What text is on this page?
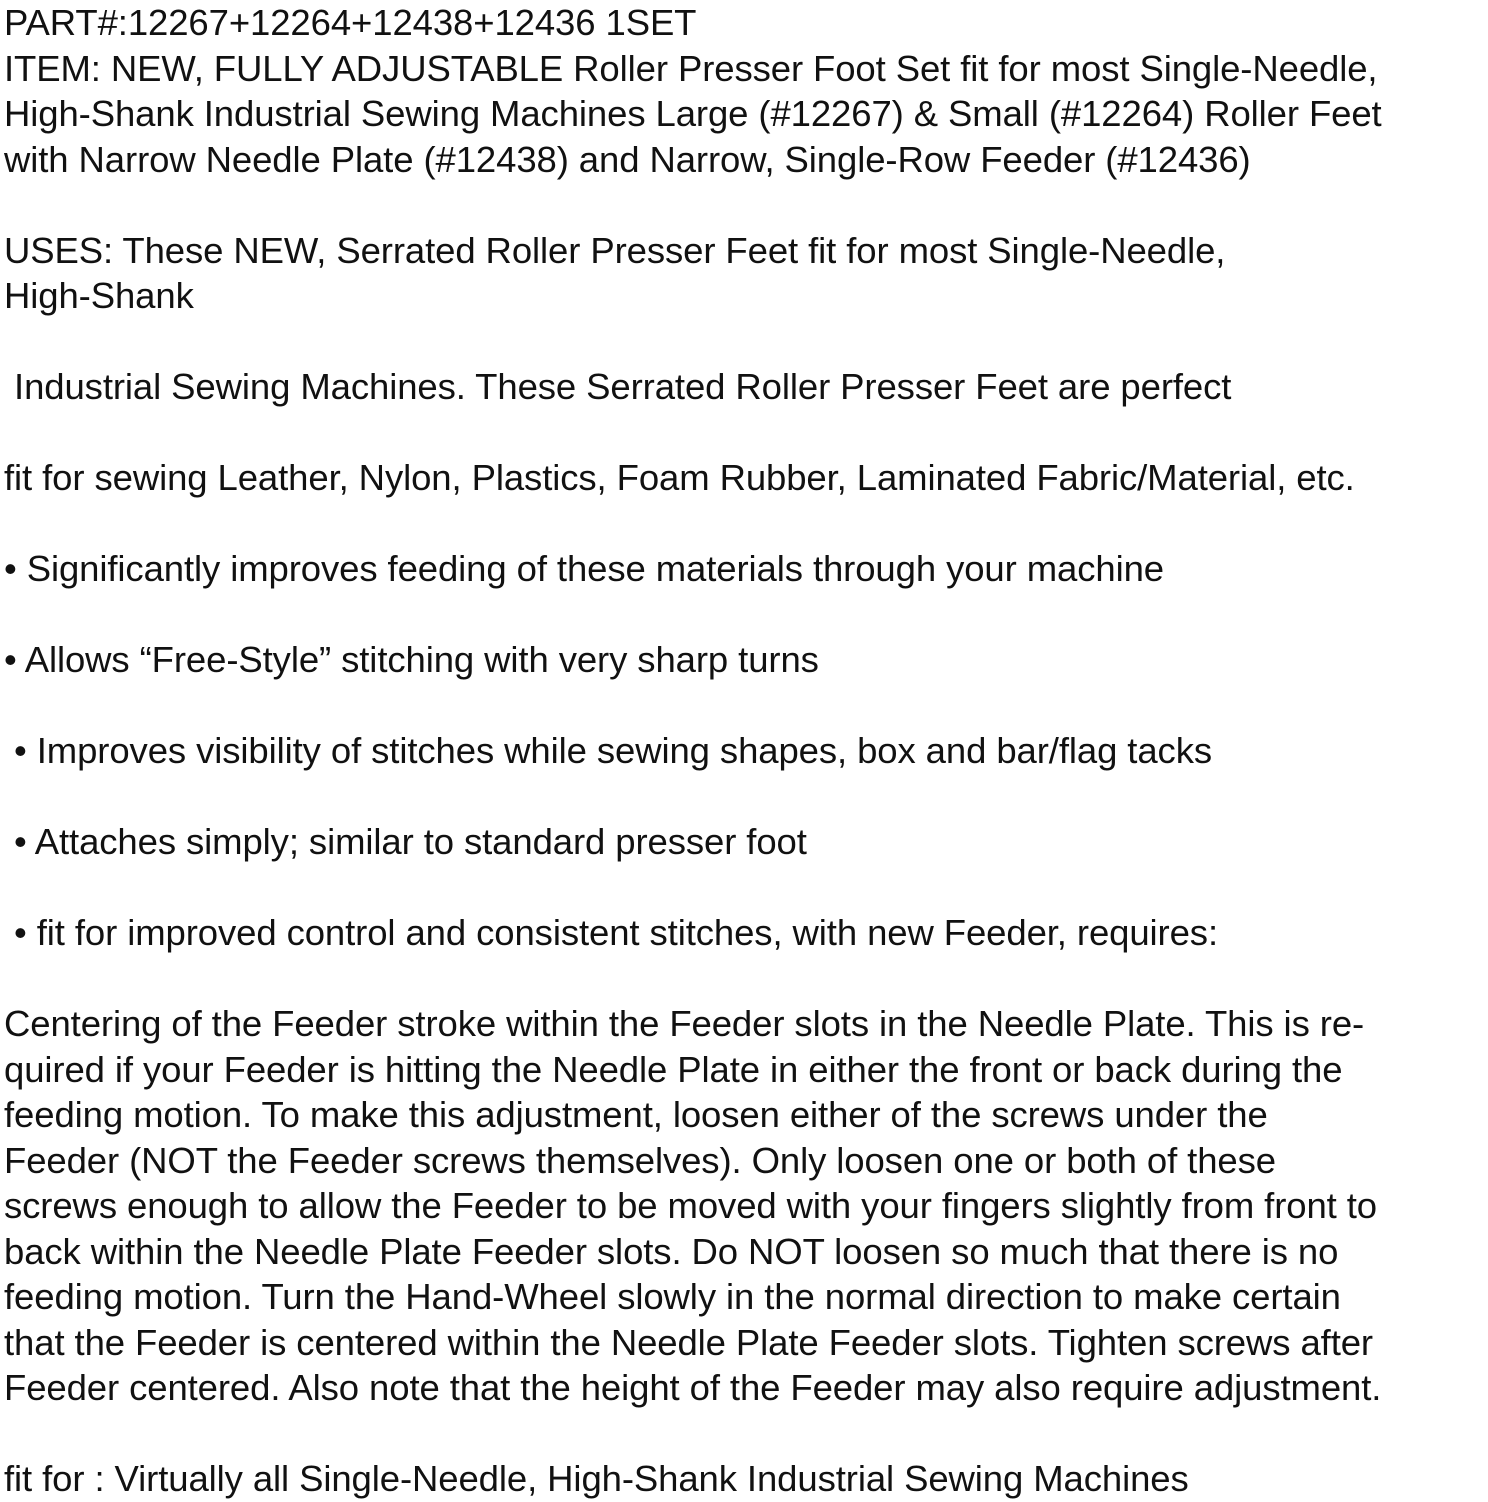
PART#:12267+12264+12438+12436 1SET
ITEM: NEW, FULLY ADJUSTABLE Roller Presser Foot Set fit for most Single-Needle,
High-Shank Industrial Sewing Machines Large (#12267) & Small (#12264) Roller Feet
with Narrow Needle Plate (#12438) and Narrow, Single-Row Feeder (#12436)
USES: These NEW, Serrated Roller Presser Feet fit for most Single-Needle,
High-Shank
Industrial Sewing Machines. These Serrated Roller Presser Feet are perfect
fit for sewing Leather, Nylon, Plastics, Foam Rubber, Laminated Fabric/Material, etc.
• Significantly improves feeding of these materials through your machine
• Allows “Free-Style” stitching with very sharp turns
• Improves visibility of stitches while sewing shapes, box and bar/flag tacks
• Attaches simply; similar to standard presser foot
• fit for improved control and consistent stitches, with new Feeder, requires:
Centering of the Feeder stroke within the Feeder slots in the Needle Plate. This is re-
quired if your Feeder is hitting the Needle Plate in either the front or back during the
feeding motion. To make this adjustment, loosen either of the screws under the
Feeder (NOT the Feeder screws themselves). Only loosen one or both of these
screws enough to allow the Feeder to be moved with your fingers slightly from front to
back within the Needle Plate Feeder slots. Do NOT loosen so much that there is no
feeding motion. Turn the Hand-Wheel slowly in the normal direction to make certain
that the Feeder is centered within the Needle Plate Feeder slots. Tighten screws after
Feeder centered. Also note that the height of the Feeder may also require adjustment.
fit for : Virtually all Single-Needle, High-Shank Industrial Sewing Machines
